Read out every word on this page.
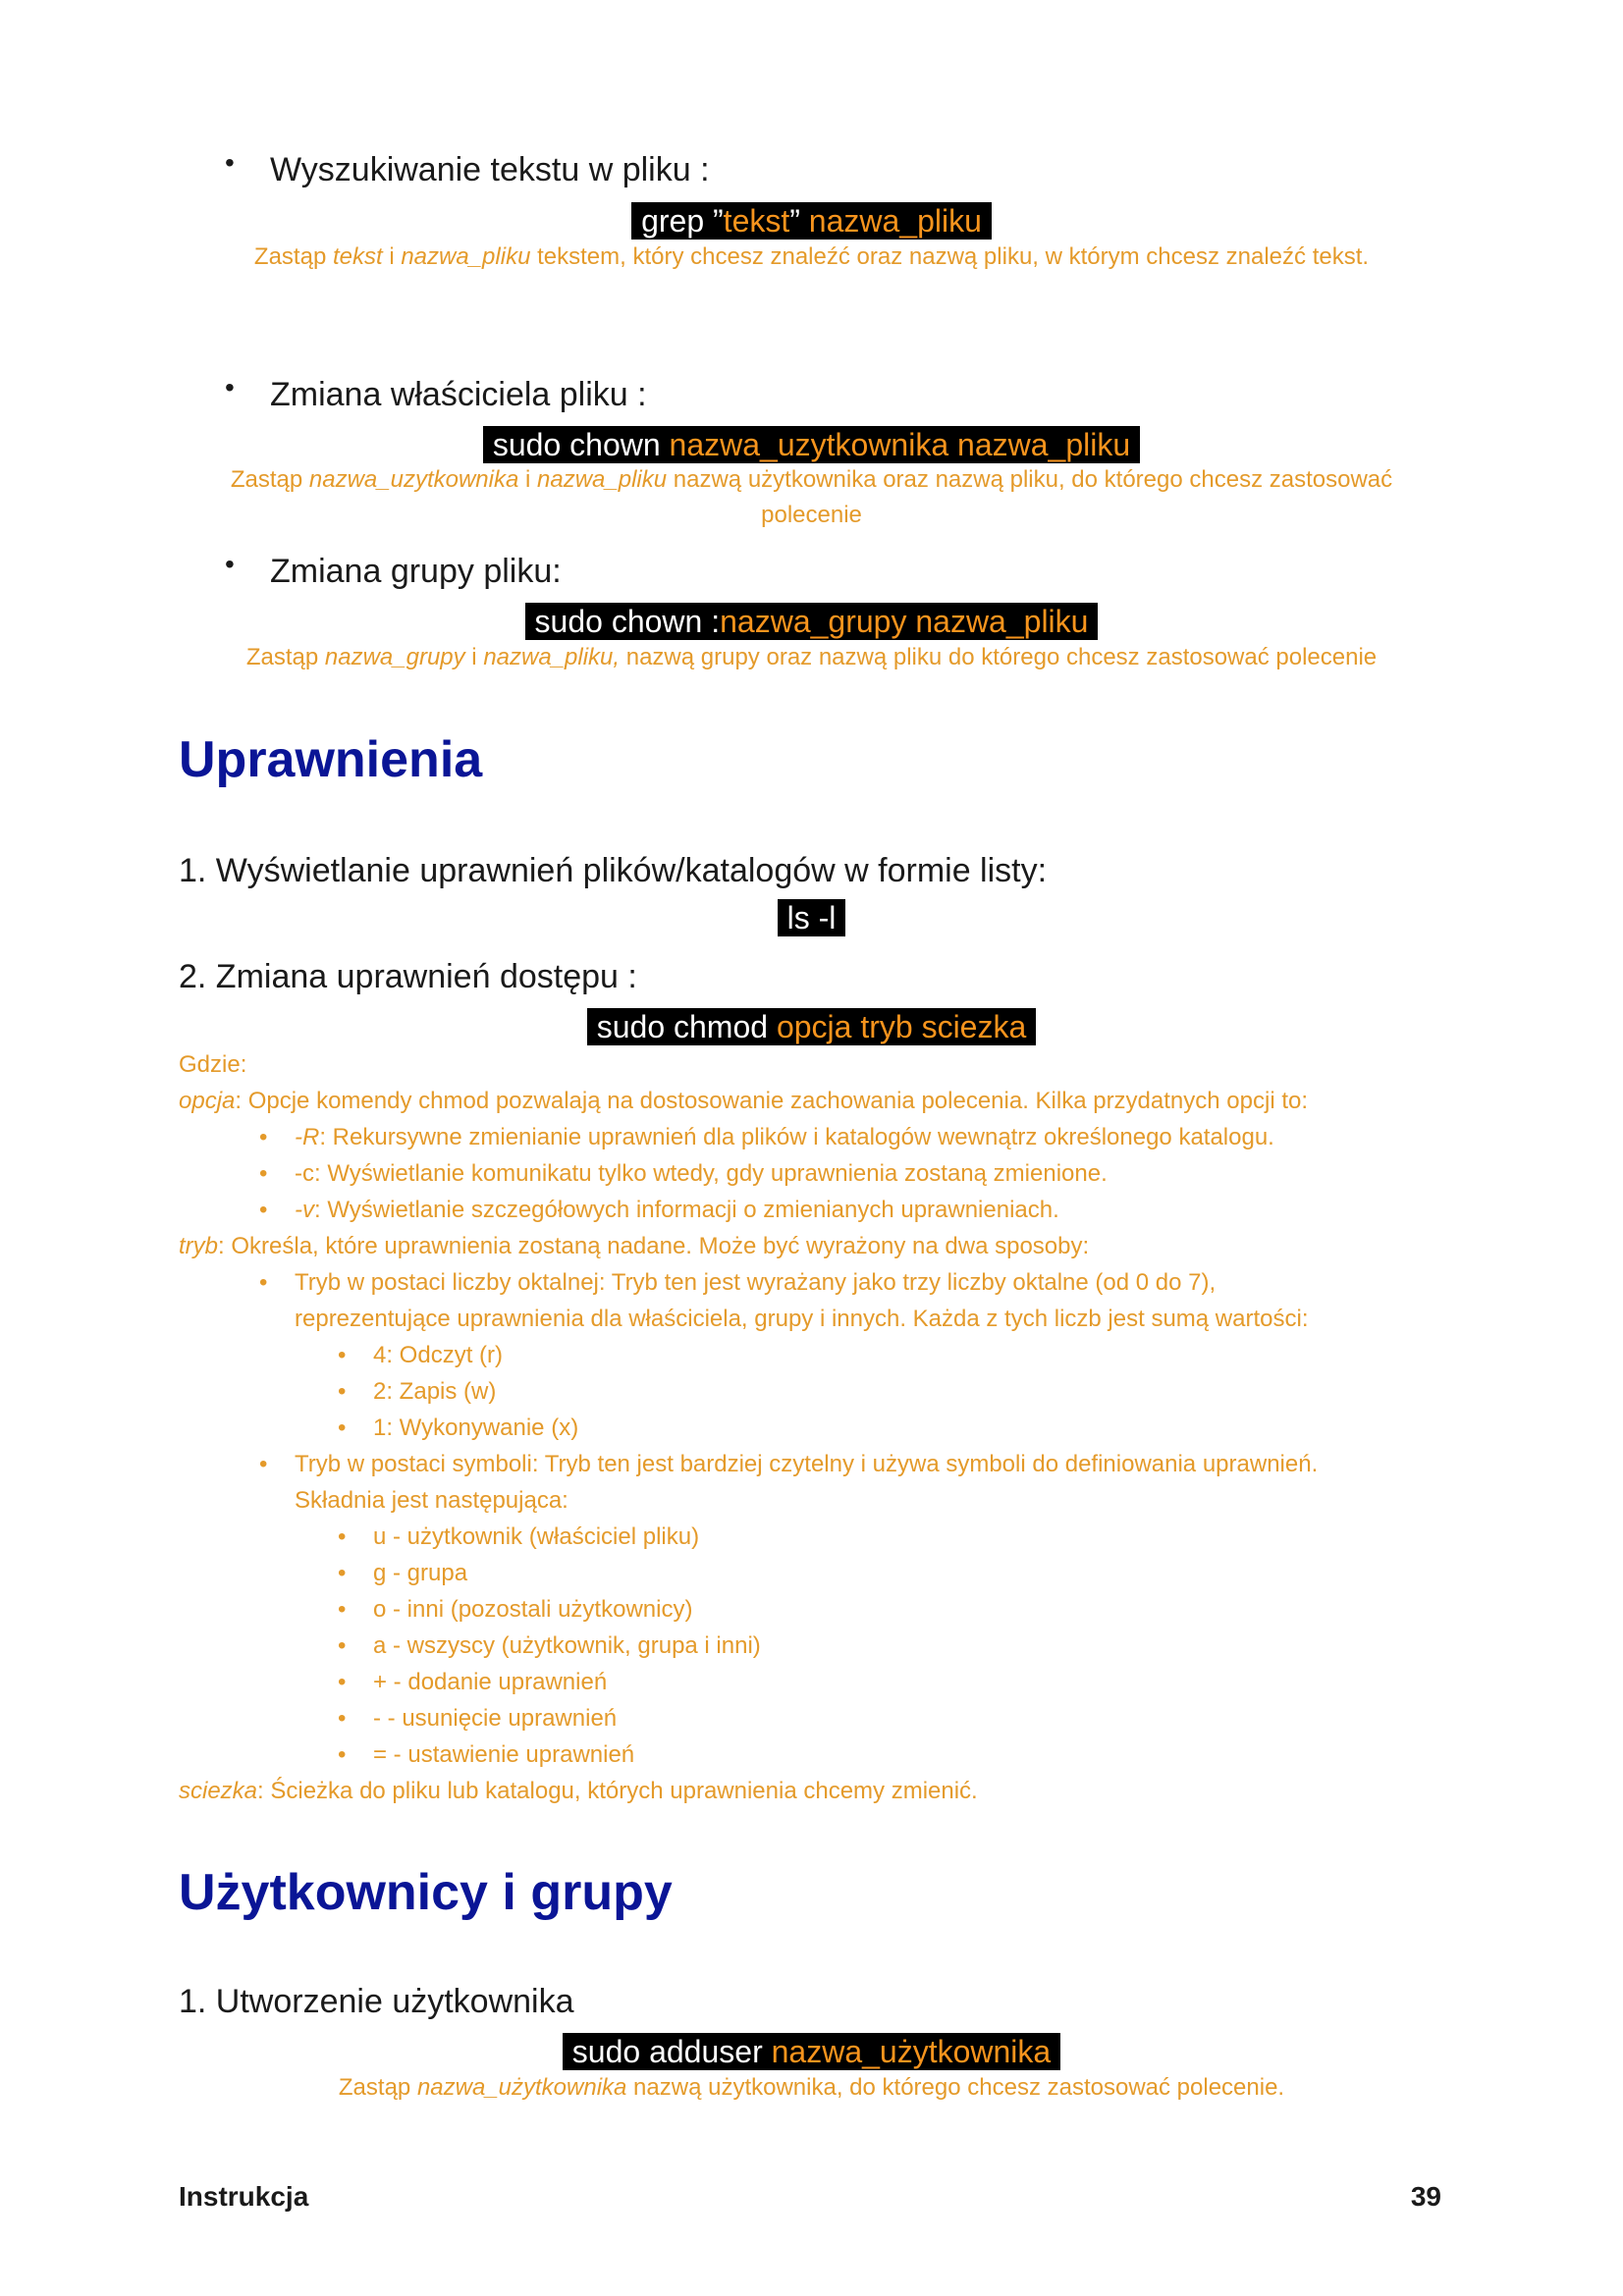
• Wyszukiwanie tekstu w pliku :
grep ”tekst” nazwa_pliku
Zastąp tekst i nazwa_pliku tekstem, który chcesz znaleźć oraz nazwą pliku, w którym chcesz znaleźć tekst.
• Zmiana właściciela pliku :
sudo chown nazwa_uzytkownika nazwa_pliku
Zastąp nazwa_uzytkownika i nazwa_pliku nazwą użytkownika oraz nazwą pliku, do którego chcesz zastosować
polecenie
• Zmiana grupy pliku:
sudo chown :nazwa_grupy nazwa_pliku
Zastąp nazwa_grupy i nazwa_pliku, nazwą grupy oraz nazwą pliku do którego chcesz zastosować polecenie
Uprawnienia
1. Wyświetlanie uprawnień plików/katalogów w formie listy:
ls -l
2. Zmiana uprawnień dostępu :
sudo chmod opcja tryb sciezka
Gdzie:
opcja: Opcje komendy chmod pozwalają na dostosowanie zachowania polecenia. Kilka przydatnych opcji to:
• -R: Rekursywne zmienianie uprawnień dla plików i katalogów wewnątrz określonego katalogu.
• -c: Wyświetlanie komunikatu tylko wtedy, gdy uprawnienia zostaną zmienione.
• -v: Wyświetlanie szczegółowych informacji o zmienianych uprawnieniach.
tryb: Określa, które uprawnienia zostaną nadane. Może być wyrażony na dwa sposoby:
• Tryb w postaci liczby oktalnej: Tryb ten jest wyrażany jako trzy liczby oktalne (od 0 do 7),
reprezentujące uprawnienia dla właściciela, grupy i innych. Każda z tych liczb jest sumą wartości:
• 4: Odczyt (r)
• 2: Zapis (w)
• 1: Wykonywanie (x)
• Tryb w postaci symboli: Tryb ten jest bardziej czytelny i używa symboli do definiowania uprawnień.
Składnia jest następująca:
• u - użytkownik (właściciel pliku)
• g - grupa
• o - inni (pozostali użytkownicy)
• a - wszyscy (użytkownik, grupa i inni)
• + - dodanie uprawnień
• - - usunięcie uprawnień
• = - ustawienie uprawnień
sciezka: Ścieżka do pliku lub katalogu, których uprawnienia chcemy zmienić.
Użytkownicy i grupy
1. Utworzenie użytkownika
sudo adduser nazwa_użytkownika
Zastąp nazwa_użytkownika nazwą użytkownika, do którego chcesz zastosować polecenie.
Instrukcja	39
